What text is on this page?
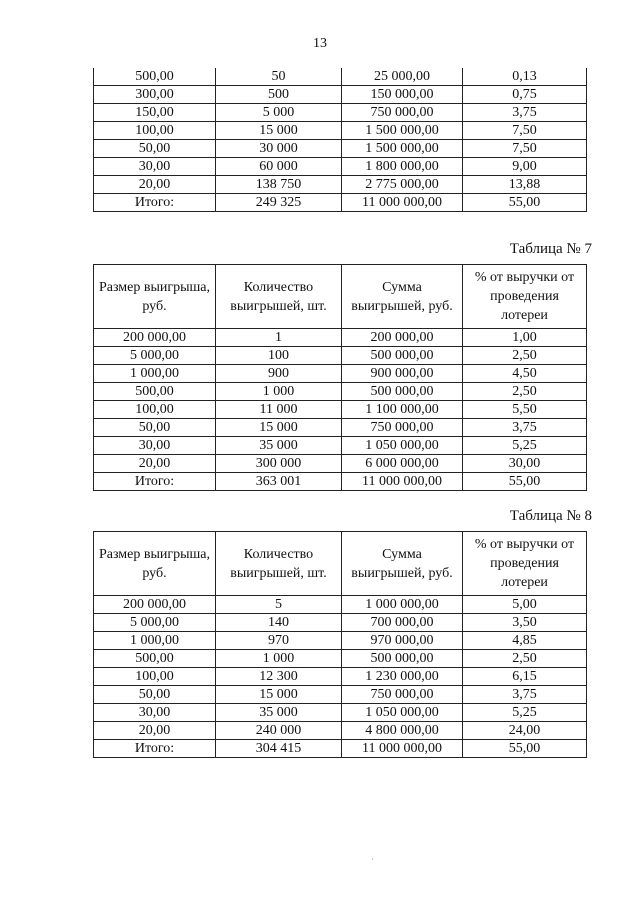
13
500,00	50	25 000,00	0,13
300,00	500	150 000,00	0,75
150,00	5 000	750 000,00	3,75
100,00	15 000	1 500 000,00	7,50
50,00	30 000	1 500 000,00	7,50
30,00	60 000	1 800 000,00	9,00
20,00	138 750	2 775 000,00	13,88
Итого:	249 325	11 000 000,00	55,00
Таблица № 7
Размер выигрыша, руб.	Количество выигрышей, шт.	Сумма выигрышей, руб.	% от выручки от проведения лотереи
200 000,00	1	200 000,00	1,00
5 000,00	100	500 000,00	2,50
1 000,00	900	900 000,00	4,50
500,00	1 000	500 000,00	2,50
100,00	11 000	1 100 000,00	5,50
50,00	15 000	750 000,00	3,75
30,00	35 000	1 050 000,00	5,25
20,00	300 000	6 000 000,00	30,00
Итого:	363 001	11 000 000,00	55,00
Таблица № 8
Размер выигрыша, руб.	Количество выигрышей, шт.	Сумма выигрышей, руб.	% от выручки от проведения лотереи
200 000,00	5	1 000 000,00	5,00
5 000,00	140	700 000,00	3,50
1 000,00	970	970 000,00	4,85
500,00	1 000	500 000,00	2,50
100,00	12 300	1 230 000,00	6,15
50,00	15 000	750 000,00	3,75
30,00	35 000	1 050 000,00	5,25
20,00	240 000	4 800 000,00	24,00
Итого:	304 415	11 000 000,00	55,00
˙
